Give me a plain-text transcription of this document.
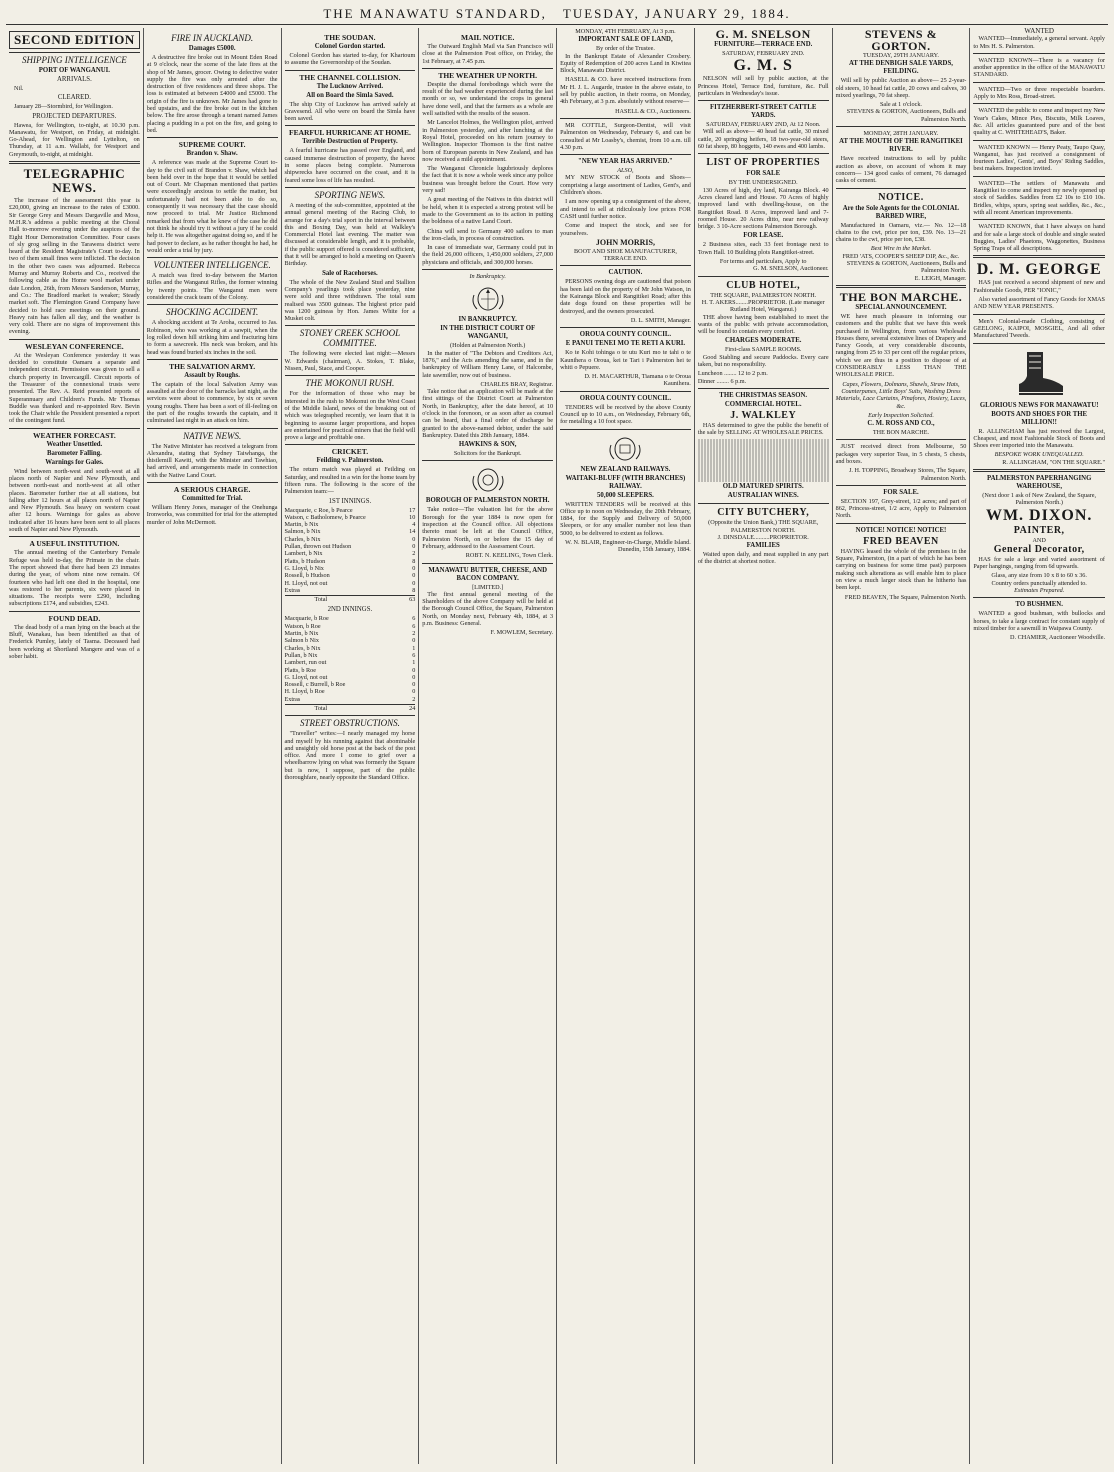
THE MANAWATU STANDARD, TUESDAY, JANUARY 29, 1884.
SECOND EDITION
SHIPPING INTELLIGENCE
PORT OF WANGANUI.
ARRIVALS.

Nil.

CLEARED.

January 28—Stormbird, for Wellington.

PROJECTED DEPARTURES.

Hawea, for Wellington, to-night, at 10.30 p.m. Manawatu, for Westport, on Friday, at midnight. Go-Ahead, for Wellington and Lyttelton, on Thursday, at 11 a.m. Wallabi, for Westport and Greymouth, to-night, at midnight.

TELEGRAPHIC NEWS.

The increase of the assessment this year is £20,000, giving an increase to the rates of £3000. Sir George Grey and Messrs Dargaville and Moss, M.H.R.'s address a public meeting at the Choral Hall to-morrow evening under the auspices of the Eight Hour Demonstration Committee. Four cases of sly grog selling in the Tarawera district were heard at the Resident Magistrate's Court to-day. In two of them small fines were inflicted. The decision in the other two cases was adjourned. Rebecca Murray and Murray Roberts and Co., received the following cable as the Home wool market under date London, 26th, from Messrs Sanderson, Murray, and Co.: The Bradford market is weaker; Steady market soft. The Flemington Grand Company have decided to hold race meetings on their ground. Heavy rain has fallen all day, and the weather is very cold. There are no signs of improvement this evening.

WESLEYAN CONFERENCE.

At the Wesleyan Conference yesterday it was decided to constitute Oamaru a separate and independent circuit. Permission was given to sell a church property in Invercargill. Circuit reports of the Treasurer of the connexional trusts were presented. The Rev. A. Reid presented reports of Superannuary and Children's Funds. Mr Thomas Buddle was thanked and re-appointed Rev. Bevin took the Chair while the President presented a report of the contingent fund.

WEATHER FORECAST.
Weather Unsettled.
Barometer Falling.
Warnings for Gales.

Wind between north-west and south-west at all places north of Napier and New Plymouth, and between north-east and north-west at all other places. Barometer further rise at all stations, but falling after 12 hours at all places north of Napier and New Plymouth. Sea heavy on western coast after 12 hours. Warnings for gales as above indicated after 16 hours have been sent to all places south of Napier and New Plymouth.

A USEFUL INSTITUTION.

The annual meeting of the Canterbury Female Refuge was held to-day, the Primate in the chair. The report showed that there had been 23 inmates during the year, of whom nine now remain. Of fourteen who had left one died in the hospital, one was restored to her parents, six were placed in situations. The receipts were £290, including subscriptions £174, and subsidies, £243.

FOUND DEAD.

The dead body of a man lying on the beach at the Bluff, Wanakau, has been identified as that of Frederick Pumley, lately of Tasma. Deceased had been working at Shortland Mangere and was of a sober habit.

FIRE IN AUCKLAND.
Damages £5000.

A destructive fire broke out in Mount Eden Road at 9 o'clock, near the scene of the late fires at the shop of Mr James, grocer. Owing to defective water supply the fire was only arrested after the destruction of five residences and three shops. The loss is estimated at between £4000 and £5000. The origin of the fire is unknown. Mr James had gone to bed upstairs, and the fire broke out in the kitchen below. The fire arose through a tenant named James placing a pudding in a pot on the fire, and going to bed.

SUPREME COURT.
Brandon v. Shaw.

A reference was made at the Supreme Court to-day to the civil suit of Brandon v. Shaw, which had been held over in the hope that it would be settled out of Court. Mr Chapman mentioned that parties were exceedingly anxious to settle the matter, but unfortunately had not been able to do so, consequently it was necessary that the case should now proceed to trial. Mr Justice Richmond remarked that from what he knew of the case he did not think he should try it without a jury if he could help it. He was altogether against doing so, and if he had power to declare, as he rather thought he had, he would order a trial by jury.

VOLUNTEER INTELLIGENCE.

A match was fired to-day between the Marton Rifles and the Wanganui Rifles, the former winning by twenty points. The Wanganui men were considered the crack team of the Colony.

SHOCKING ACCIDENT.

A shocking accident at Te Aroha, occurred to Jas. Robinson, who was working at a sawpit, when the log rolled down hill striking him and fracturing him to form a sawcreek. His neck was broken, and his head was found buried six inches in the soil.

THE SALVATION ARMY.
Assault by Roughs.

The captain of the local Salvation Army was assaulted at the door of the barracks last night, as the services were about to commence, by six or seven young roughs. There has been a sort of ill-feeling on the part of the roughs towards the captain, and it culminated last night in an attack on him.

NATIVE NEWS.

The Native Minister has received a telegram from Alexandra, stating that Sydney Taiwhanga, the thistlemill Kawiti, with the Minister and Tawhiao, had arrived, and arrangements made in connection with the Native Land Court.

A SERIOUS CHARGE.
Committed for Trial.

William Henry Jones, manager of the Onehunga Ironworks, was committed for trial for the attempted murder of John McDermott.

THE SOUDAN.
Colonel Gordon started.

Colonel Gordon has started to-day, for Khartoum to assume the Governorship of the Soudan.

THE CHANNEL COLLISION.
The Lucknow Arrived.
All on Board the Simla Saved.

The ship City of Lucknow has arrived safely at Gravesend. All who were on board the Simla have been saved.

FEARFUL HURRICANE AT HOME.
Terrible Destruction of Property.

A fearful hurricane has passed over England, and caused immense destruction of property, the havoc in some places being complete. Numerous shipwrecks have occurred on the coast, and it is feared some loss of life has resulted.

SPORTING NEWS.

A meeting of the sub-committee, appointed at the annual general meeting of the Racing Club, to arrange for a day's trial sport in the interval between this and Boxing Day, was held at Walkley's Commercial Hotel last evening. The matter was discussed at considerable length, and it is probable, if the public support offered is considered sufficient, that it will be arranged to hold a meeting on Queen's Birthday.

Sale of Racehorses.

The whole of the New Zealand Stud and Stallion Company's yearlings took place yesterday, nine were sold and three withdrawn. The total sum realised was 3500 guineas. The highest price paid was 1200 guineas by Hon. James White for a Musket colt.

STONEY CREEK SCHOOL COMMITTEE.

The following were elected last night:—Messrs W. Edwards (chairman), A. Stokes, T. Blake, Nissen, Paul, Stace, and Cooper.

THE MOKONUI RUSH.

For the information of those who may be interested in the rush to Mokonui on the West Coast of the Middle Island, news of the breaking out of which was telegraphed recently, we learn that it is beginning to assume larger proportions, and hopes are entertained for practical miners that the field will prove a large and profitable one.

CRICKET.
Feilding v. Palmerston.

The return match was played at Feilding on Saturday, and resulted in a win for the home team by fifteen runs. The following is the score of the Palmerston team:—

1ST INNINGS.
Macquarie, c Roe, b Pearce	17
Watson, c Batholomew, b Pearce	10
Martin, b Nix	4
Salmon, b Nix	14
Charles, b Nix	0
Pullan, thrown out Hudson	0
Lambert, b Nix	2
Platts, b Hudson	8
G. Lloyd, b Nix	0
Rossell, b Hudson	0
H. Lloyd, not out	0
Extras	8
Total	63
2ND INNINGS.
Macquarie, b Roe	6
Watson, b Roe	6
Martin, b Nix	2
Salmon b Nix	0
Charles, b Nix	1
Pullan, b Nix	6
Lambert, run out	1
Platts, b Roe	0
G. Lloyd, not out	0
Rossell, c Burrell, b Roe	0
H. Lloyd, b Roe	0
Extras	2
Total	24
STREET OBSTRUCTIONS.

"Traveller" writes:—I nearly managed my horse and myself by his running against that abominable and unsightly old horse post at the back of the post office. And more I come to grief over a wheelbarrow lying on what was formerly the Square but is now, I suppose, part of the public thoroughfare, nearly opposite the Standard Office.

MAIL NOTICE.

The Outward English Mail via San Francisco will close at the Palmerston Post office, on Friday, the 1st February, at 7.45 p.m.

THE WEATHER UP NORTH.

Despite the dismal forebodings which were the result of the bad weather experienced during the last month or so, we understand the crops in general have done well, and that the farmers as a whole are well satisfied with the results of the season.

Mr Lancelot Holmes, the Wellington pilot, arrived in Palmerston yesterday, and after lunching at the Royal Hotel, proceeded on his return journey to Wellington. Inspector Thomson is the first native born of European parents in New Zealand, and has now received a mild appointment.

The Wanganui Chronicle lugubriously deplores the fact that it is now a whole week since any police business was brought before the Court. How very very sad!

A great meeting of the Natives in this district will be held, when it is expected a strong protest will be made to the Government as to its action in putting the boldness of a native Land Court.

China will send to Germany 400 sailors to man the iron-clads, in process of construction.

In case of immediate war, Germany could put in the field 26,000 officers, 1,450,000 soldiers, 27,000 physicians and officials, and 300,000 horses.

In Bankruptcy.
IN BANKRUPTCY.
IN THE DISTRICT COURT OF WANGANUI,
(Holden at Palmerston North.)

In the matter of "The Debtors and Creditors Act, 1876," and the Acts amending the same, and in the bankruptcy of William Henry Lane, of Halcombe, late sawmiller, now out of business.

CHARLES BRAY, Registrar.

Take notice that an application will be made at the first sittings of the District Court at Palmerston North, in Bankruptcy, after the date hereof, at 10 o'clock in the forenoon, or as soon after as counsel can be heard, that a final order of discharge be granted to the above-named debtor, under the said Bankruptcy. Dated this 28th January, 1884.

HAWKINS & SON,
Solicitors for the Bankrupt.
BOROUGH OF PALMERSTON NORTH.

Take notice—The valuation list for the above Borough for the year 1884 is now open for inspection at the Council office. All objections thereto must be left at the Council Office, Palmerston North, on or before the 15 day of February, addressed to the Assessment Court.

ROBT. N. KEELING, Town Clerk.
MANAWATU BUTTER, CHEESE, AND BACON COMPANY.
[LIMITED.]

The first annual general meeting of the Shareholders of the above Company will be held at the Borough Council Office, the Square, Palmerston North, on Monday next, February 4th, 1884, at 3 p.m. Business: General.

F. MOWLEM, Secretary.
MONDAY, 4TH FEBRUARY, At 3 p.m.
IMPORTANT SALE OF LAND,
By order of the Trustee.

In the Bankrupt Estate of Alexander Crosbery. Equity of Redemption of 200 acres Land in Kiwitea Block, Manawatu District.

HASELL & CO. have received instructions from Mr H. J. L. Augarde, trustee in the above estate, to sell by public auction, in their rooms, on Monday, 4th February, at 3 p.m. absolutely without reserve—

HASELL & CO., Auctioneers.

MR COTTLE, Surgeon-Dentist, will visit Palmerston on Wednesday, February 6, and can be consulted at Mr Loasby's, chemist, from 10 a.m. till 4.30 p.m.

"NEW YEAR HAS ARRIVED."
ALSO,

MY NEW STOCK of Boots and Shoes—comprising a large assortment of Ladies, Gent's, and Children's shoes.

I am now opening up a consignment of the above, and intend to sell at ridiculously low prices FOR CASH until further notice.

Come and inspect the stock, and see for yourselves.

JOHN MORRIS,
BOOT AND SHOE MANUFACTURER, TERRACE END.
CAUTION.

PERSONS owning dogs are cautioned that poison has been laid on the property of Mr John Watson, in the Kairanga Block and Rangitikei Road; after this date dogs found on these properties will be destroyed, and the owners prosecuted.

D. L. SMITH, Manager.
OROUA COUNTY COUNCIL.
E PANUI TENEI MO TE RETI A KURI.

Ko te Kohi tohinga o te utu Kuri mo te tahi o te Kaunihera o Oroua, kei te Tari i Palmerston hei te whiti o Pepuere.

D. H. MACARTHUR, Tiamana o te Oroua Kaunihera.
OROUA COUNTY COUNCIL.

TENDERS will be received by the above County Council up to 10 a.m., on Wednesday, February 6th, for metalling a 10 foot space.

NEW ZEALAND RAILWAYS.
WAITAKI-BLUFF (WITH BRANCHES) RAILWAY.
50,000 SLEEPERS.

WRITTEN TENDERS will be received at this Office up to noon on Wednesday, the 20th February, 1884, for the Supply and Delivery of 50,000 Sleepers, or for any smaller number not less than 5000, to be delivered to extent as follows.

W. N. BLAIR, Engineer-in-Charge, Middle Island. Dunedin, 15th January, 1884.
G. M. SNELSON
FURNITURE—TERRACE END.
SATURDAY, FEBRUARY 2ND.
G. M. S

NELSON will sell by public auction, at the Princess Hotel, Terrace End, furniture, &c. Full particulars in Wednesday's issue.

FITZHERBERT-STREET CATTLE YARDS.
SATURDAY, FEBRUARY 2ND, At 12 Noon.

Will sell as above— 40 head fat cattle, 30 mixed cattle, 20 springing heifers, 18 two-year-old steers, 60 fat sheep, 80 hoggetts, 140 ewes and 400 lambs.

LIST OF PROPERTIES
FOR SALE
BY THE UNDERSIGNED.

130 Acres of high, dry land, Kairanga Block. 40 Acres cleared land and House. 70 Acres of highly improved land with dwelling-house, on the Rangitikei Road. 8 Acres, improved land and 7-roomed House. 20 Acres ditto, near new railway bridge. 3 10-Acre sections Palmerston Borough.

FOR LEASE.

2 Business sites, each 33 feet frontage next to Town Hall. 10 Building plots Rangitikei-street.

For terms and particulars, Apply to
G. M. SNELSON, Auctioneer.
CLUB HOTEL,
THE SQUARE, PALMERSTON NORTH.
H. T. AKERS........PROPRIETOR. (Late manager Rutland Hotel, Wanganui.)

THE above having been established to meet the wants of the public with private accommodation, will be found to contain every comfort.

CHARGES MODERATE.
First-class SAMPLE ROOMS.

Good Stabling and secure Paddocks. Every care taken, but no responsibility.

Luncheon ........ 12 to 2 p.m.
Dinner ........ 6 p.m.
THE CHRISTMAS SEASON.
COMMERCIAL HOTEL.
J. WALKLEY

HAS determined to give the public the benefit of the sale by SELLING AT WHOLESALE PRICES.

OLD MATURED SPIRITS.
AUSTRALIAN WINES.
CITY BUTCHERY,
(Opposite the Union Bank,) THE SQUARE, PALMERSTON NORTH.
J. DINSDALE..........PROPRIETOR.
FAMILIES

Waited upon daily, and meat supplied in any part of the district at shortest notice.

STEVENS & GORTON.
TUESDAY, 29TH JANUARY.
AT THE DENBIGH SALE YARDS, FEILDING.

Will sell by public Auction as above— 25 2-year-old steers, 10 head fat cattle, 20 cows and calves, 30 mixed yearlings, 70 fat sheep.

Sale at 1 o'clock.
STEVENS & GORTON, Auctioneers, Bulls and Palmerston North.
MONDAY, 28TH JANUARY.
AT THE MOUTH OF THE RANGITIKEI RIVER.

Have received instructions to sell by public auction as above, on account of whom it may concern— 134 good casks of cement, 76 damaged casks of cement.

NOTICE.
Are the Sole Agents for the COLONIAL BARBED WIRE,

Manufactured in Oamaru, viz.— No. 12—18 chains to the cwt, price per ton, £39. No. 13—21 chains to the cwt, price per ton, £38.

Best Wire in the Market.
FRED 'ATS, COOPER'S SHEEP DIP, &c., &c.
STEVENS & GORTON, Auctioneers, Bulls and Palmerston North.
E. LEIGH, Manager.
THE BON MARCHE.
SPECIAL ANNOUNCEMENT.

WE have much pleasure in informing our customers and the public that we have this week purchased in Wellington, from various Wholesale Houses there, several extensive lines of Drapery and Fancy Goods, at very considerable discounts, ranging from 25 to 33 per cent off the regular prices, which we are thus in a position to dispose of at CONSIDERABLY LESS THAN THE WHOLESALE PRICE.

Capes, Flowers, Dolmans, Shawls, Straw Hats, Counterpanes, Little Boys' Suits, Washing Dress Materials, Lace Curtains, Pinafores, Hosiery, Laces, &c.

Early Inspection Solicited.
C. M. ROSS AND CO.,
THE BON MARCHE.

JUST received direct from Melbourne, 50 packages very superior Teas, in 5 chests, 5 chests, and boxes.

J. H. TOPPING, Broadway Stores, The Square, Palmerston North.
FOR SALE.

SECTION 197, Grey-street, 1/2 acres; and part of 862, Princess-street, 1/2 acre, Apply to Palmerston North.

NOTICE! NOTICE! NOTICE!
FRED BEAVEN

HAVING leased the whole of the premises in the Square, Palmerston, (in a part of which he has been carrying on business for some time past) purposes making such alterations as will enable him to place on view a much larger stock than he hitherto has been kept.

FRED BEAVEN, The Square, Palmerston North.
WANTED

WANTED—Immediately, a general servant. Apply to Mrs H. S. Palmerston.

WANTED KNOWN—There is a vacancy for another apprentice in the office of the MANAWATU STANDARD.

WANTED—Two or three respectable boarders. Apply to Mrs Ross, Broad-street.

WANTED the public to come and inspect my New Year's Cakes, Mince Pies, Biscuits, Milk Loaves, &c. All articles guaranteed pure and of the best quality at C. WHITEHEAD'S, Baker.

WANTED KNOWN — Henry Peaty, Taupo Quay, Wanganui, has just received a consignment of fourteen Ladies', Gents', and Boys' Riding Saddles, best makers. Inspection invited.

WANTED—The settlers of Manawatu and Rangitikei to come and inspect my newly opened up stock of Saddles. Saddles from £2 10s to £10 10s. Bridles, whips, spurs, spring seat saddles, &c., &c., with all recent American improvements.

WANTED KNOWN, that I have always on hand and for sale a large stock of double and single seated Buggies, Ladies' Phaetons, Waggonettes, Business Spring Traps of all descriptions.

D. M. GEORGE

HAS just received a second shipment of new and Fashionable Goods, PER "IONIC,"

Also varied assortment of Fancy Goods for XMAS AND NEW YEAR PRESENTS.

Men's Colonial-made Clothing, consisting of GEELONG, KAIPOI, MOSGIEL, And all other Manufactured Tweeds.

GLORIOUS NEWS FOR MANAWATU!
BOOTS AND SHOES FOR THE MILLION!!

R. ALLINGHAM has just received the Largest, Cheapest, and most Fashionable Stock of Boots and Shoes ever imported into the Manawatu.

BESPOKE WORK UNEQUALLED.
R. ALLINGHAM, "ON THE SQUARE."
PALMERSTON PAPERHANGING WAREHOUSE,
(Next door 1 ask of New Zealand, the Square, Palmerston North.)
WM. DIXON.
PAINTER,
AND
General Decorator,

HAS for sale a large and varied assortment of Paper hangings, ranging from 6d upwards.

Glass, any size from 10 x 8 to 60 x 36.
Country orders punctually attended to.
Estimates Prepared.
TO BUSHMEN.

WANTED a good bushman, with bullocks and horses, to take a large contract for constant supply of mixed timber for a sawmill in Waipawa County.

D. CHAMIER, Auctioneer Woodville.
